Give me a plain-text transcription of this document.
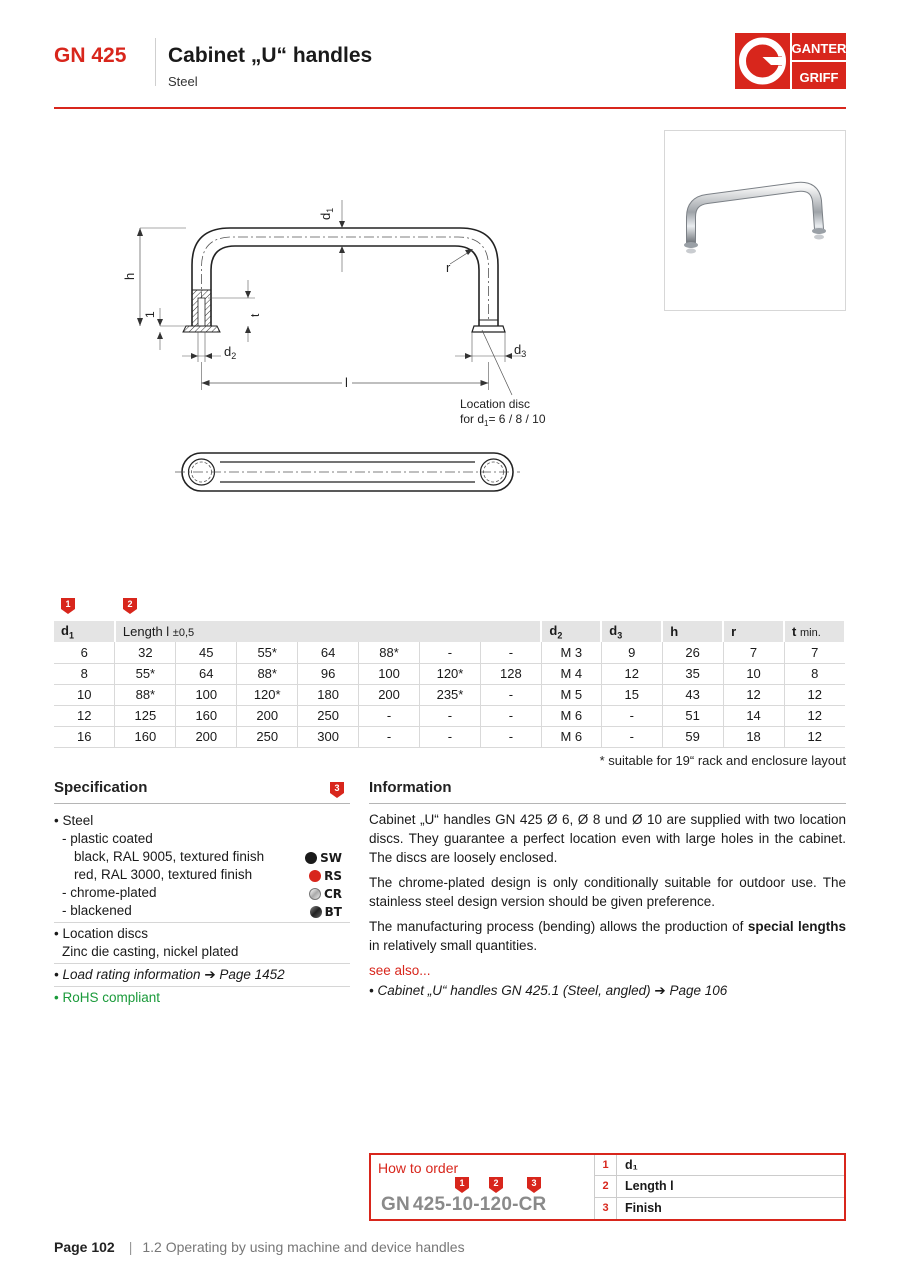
GN 425 Cabinet „U“ handles
Steel
GANTER
GRIFF
h
1	t
$d_1$
r
$d_2$	$d_3$
l
Location disc
for $d_1= 6 / 8 / 10$
1	2
$d_1$	Length l ±0,5							$d_2$	$d_3$	h	r	t min.
6	32	45	55*	64	88*	-	-	M 3	9	26	7	7
8	55*	64	88*	96	100	120*	128	M 4	12	35	10	8
10	88*	100	120*	180	200	235*	-	M 5	15	43	12	12
12	125	160	200	250	-	-	-	M 6	-	51	14	12
16	160	200	250	300	-	-	-	M 6	-	59	18	12
* suitable for 19“ rack and enclosure layout
Specification	3
• Steel
- plastic coated
black, RAL 9005, textured finish	SW
red, RAL 3000, textured finish	RS
- chrome-plated	CR
- blackened	BT
• Location discs
Zinc die casting, nickel plated
• Load rating information ➔ Page 1452
• RoHS compliant
Information

Cabinet „U“ handles GN 425 Ø 6, Ø 8 und Ø 10 are supplied with two location discs. They guarantee a perfect location even with large holes in the cabinet. The discs are loosely enclosed.

The chrome-plated design is only conditionally suitable for outdoor use. The stainless steel design version should be given preference.

The manufacturing process (bending) allows the production of special lengths in relatively small quantities.

see also...

• Cabinet „U“ handles GN 425.1 (Steel, angled) ➔ Page 106

How to order
1	2	3
GN 425-10-120-CR
1	d₁
2	Length l
3	Finish
Page 102 | 1.2 Operating by using machine and device handles
